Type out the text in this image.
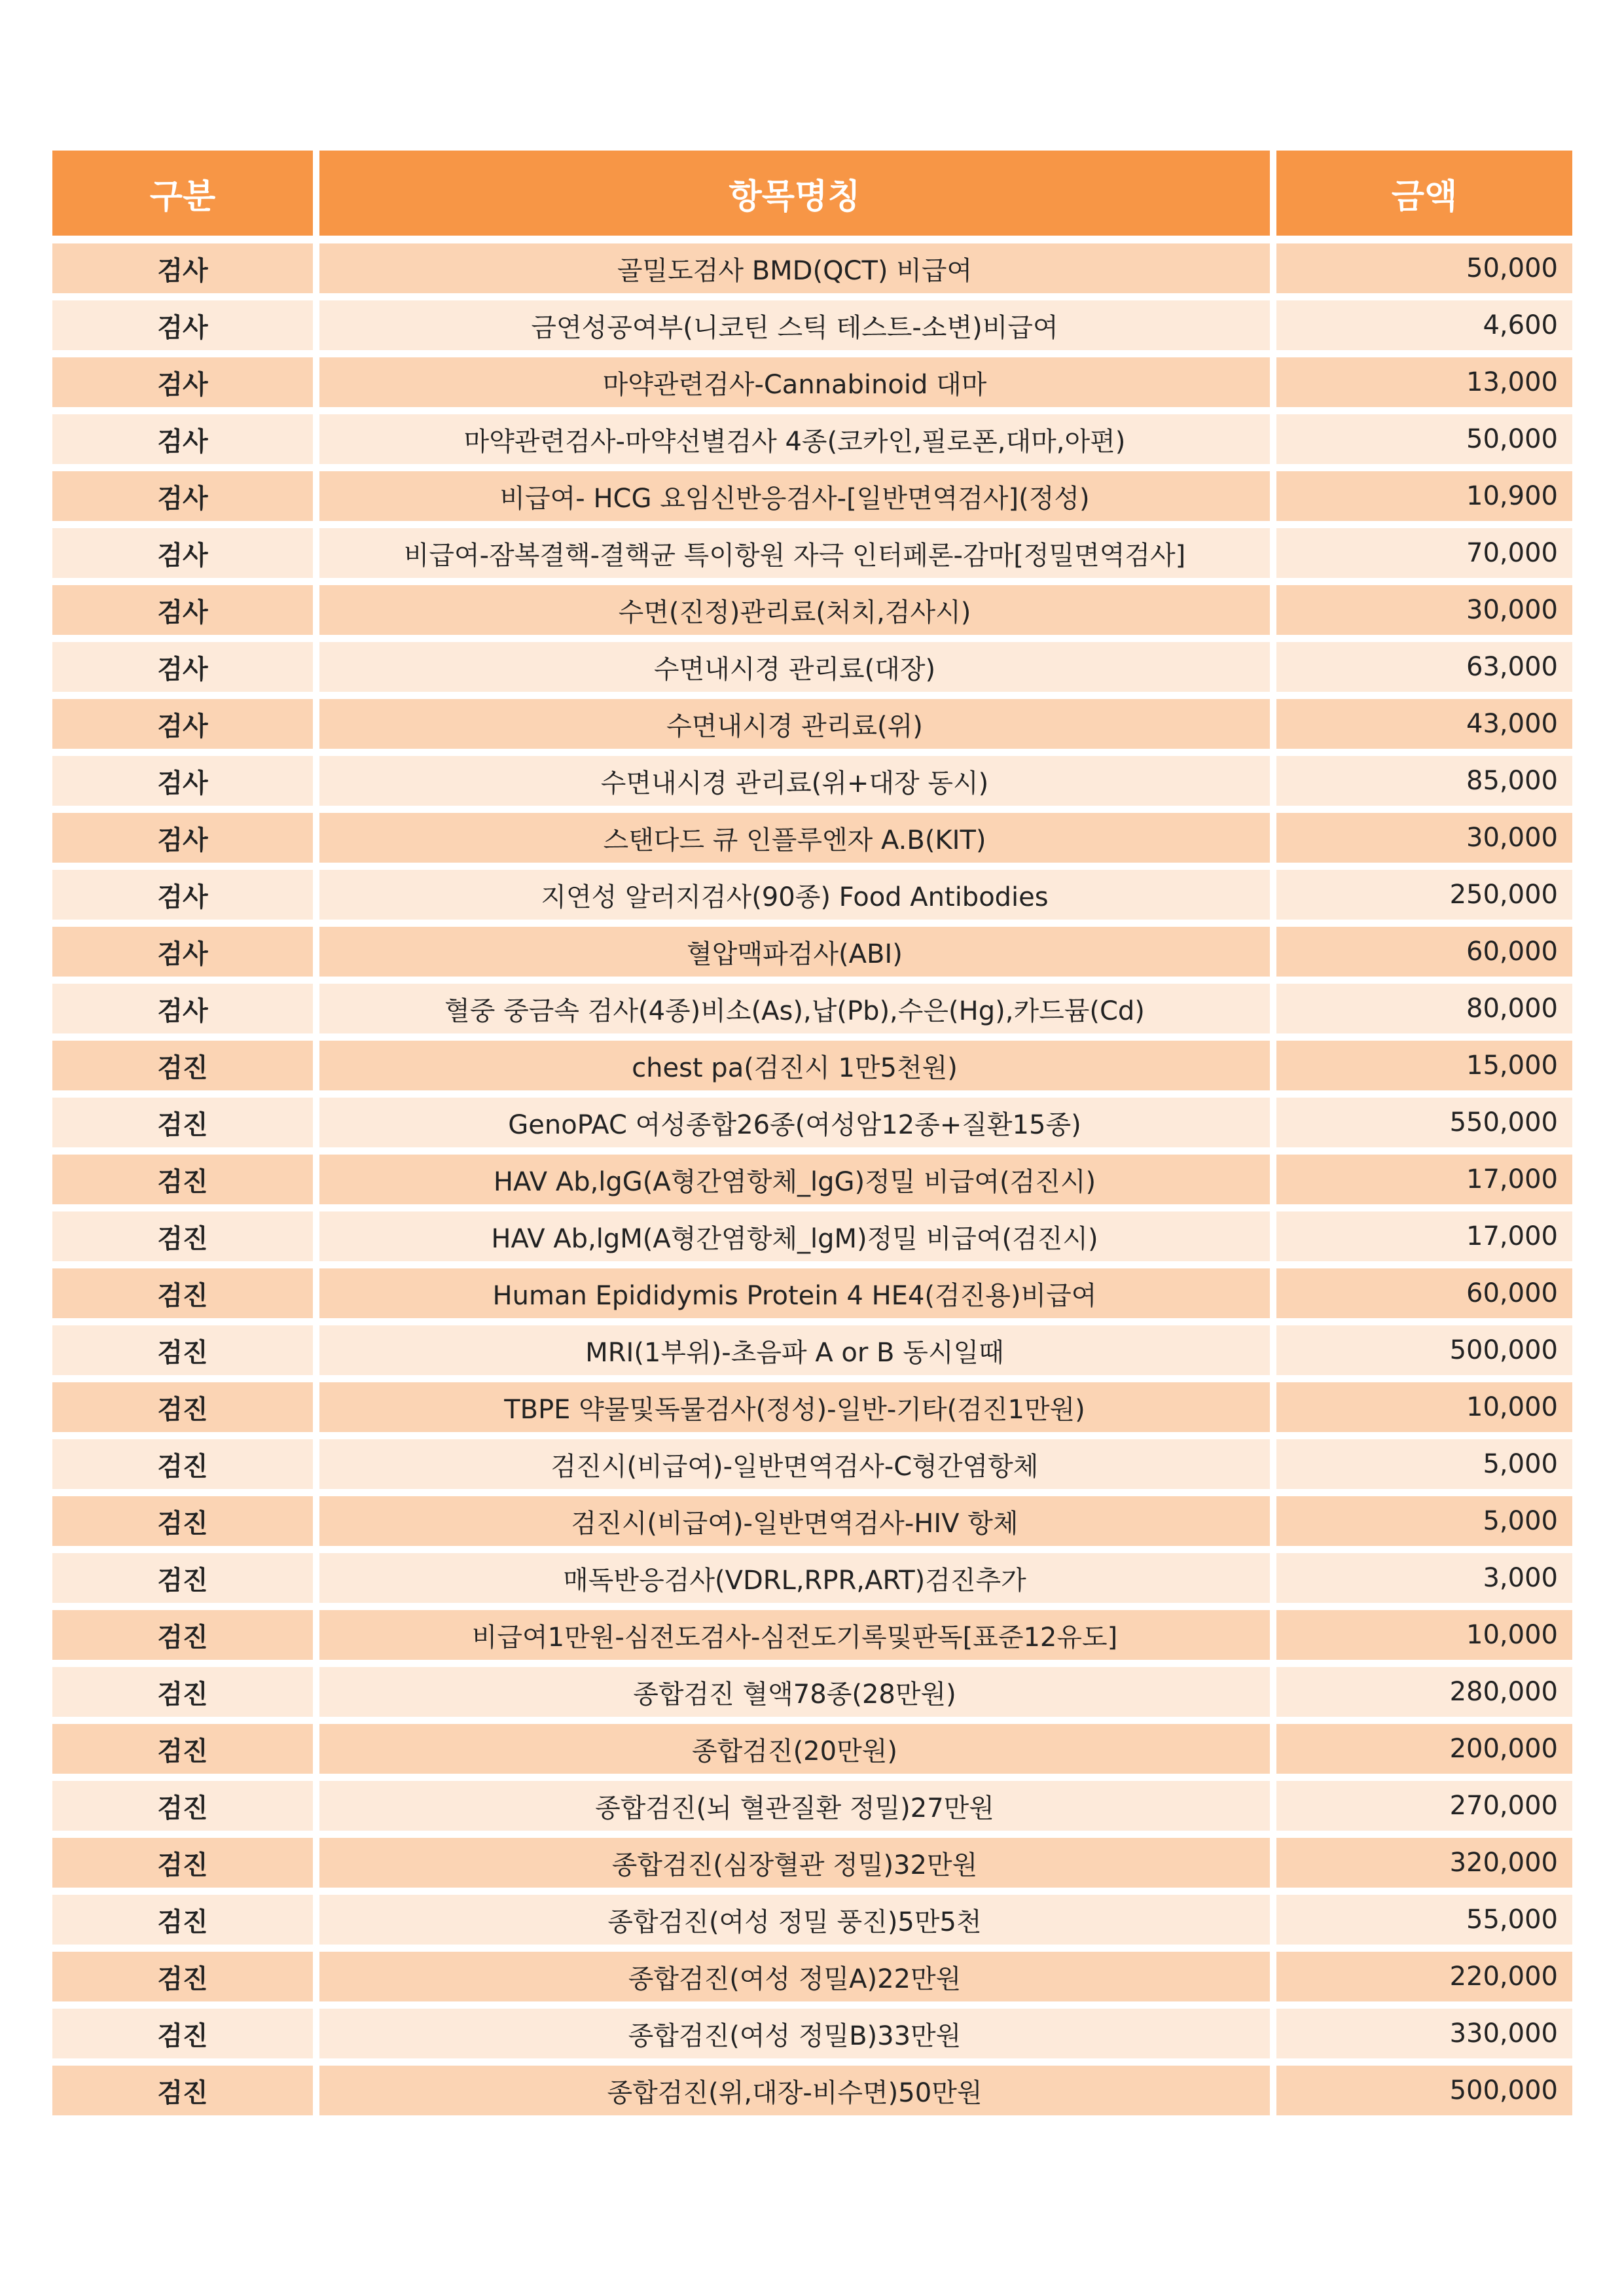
구분	항목명칭	금액
검사	골밀도검사 BMD(QCT) 비급여	50,000
검사	금연성공여부(니코틴 스틱 테스트-소변)비급여	4,600
검사	마약관련검사-Cannabinoid 대마	13,000
검사	마약관련검사-마약선별검사 4종(코카인,필로폰,대마,아편)	50,000
검사	비급여- HCG 요임신반응검사-[일반면역검사](정성)	10,900
검사	비급여-잠복결핵-결핵균 특이항원 자극 인터페론-감마[정밀면역검사]	70,000
검사	수면(진정)관리료(처치,검사시)	30,000
검사	수면내시경 관리료(대장)	63,000
검사	수면내시경 관리료(위)	43,000
검사	수면내시경 관리료(위+대장 동시)	85,000
검사	스탠다드 큐 인플루엔자 A.B(KIT)	30,000
검사	지연성 알러지검사(90종) Food Antibodies	250,000
검사	혈압맥파검사(ABI)	60,000
검사	혈중 중금속 검사(4종)비소(As),납(Pb),수은(Hg),카드뮴(Cd)	80,000
검진	chest pa(검진시 1만5천원)	15,000
검진	GenoPAC 여성종합26종(여성암12종+질환15종)	550,000
검진	HAV Ab,lgG(A형간염항체_lgG)정밀 비급여(검진시)	17,000
검진	HAV Ab,lgM(A형간염항체_lgM)정밀 비급여(검진시)	17,000
검진	Human Epididymis Protein 4 HE4(검진용)비급여	60,000
검진	MRI(1부위)-초음파 A or B 동시일때	500,000
검진	TBPE 약물및독물검사(정성)-일반-기타(검진1만원)	10,000
검진	검진시(비급여)-일반면역검사-C형간염항체	5,000
검진	검진시(비급여)-일반면역검사-HIV 항체	5,000
검진	매독반응검사(VDRL,RPR,ART)검진추가	3,000
검진	비급여1만원-심전도검사-심전도기록및판독[표준12유도]	10,000
검진	종합검진 혈액78종(28만원)	280,000
검진	종합검진(20만원)	200,000
검진	종합검진(뇌 혈관질환 정밀)27만원	270,000
검진	종합검진(심장혈관 정밀)32만원	320,000
검진	종합검진(여성 정밀 풍진)5만5천	55,000
검진	종합검진(여성 정밀A)22만원	220,000
검진	종합검진(여성 정밀B)33만원	330,000
검진	종합검진(위,대장-비수면)50만원	500,000
